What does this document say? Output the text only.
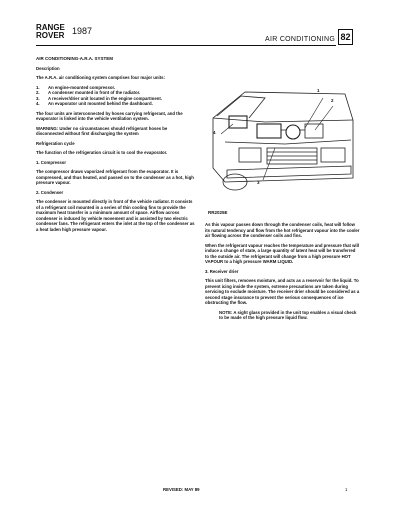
RANGE
ROVER 1987
AIR CONDITIONING 82

AIR CONDITIONING-A.R.A. SYSTEM

Description

The A.R.A. air conditioning system comprises four major units:

1.	An engine-mounted compressor.
2.	A condenser mounted in front of the radiator.
3.	A receiver/drier unit located in the engine compartment.
4.	An evaporator unit mounted behind the dashboard.

The four units are interconnected by hoses carrying refrigerant, and the evaporator is linked into the vehicle ventilation system.

WARNING: Under no circumstances should refrigerant hoses be disconnected without first discharging the system

Refrigeration cycle

The function of the refrigeration circuit is to cool the evaporator.

1. Compressor

The compressor draws vaporized refrigerant from the evaporator. It is compressed, and thus heated, and passed on to the condenser as a hot, high pressure vapour.

2. Condenser

The condenser is mounted directly in front of the vehicle radiator. It consists of a refrigerant coil mounted in a series of thin cooling fins to provide the maximum heat transfer in a minimum amount of space. Airflow across condenser is induced by vehicle movement and is assisted by two electric condenser fans. The refrigerant enters the inlet at the top of the condenser as a heat laden high pressure vapour.

1
2
3
4
RR2025E

As this vapour passes down through the condenser coils, heat will follow its natural tendency and flow from the hot refrigerant vapour into the cooler air flowing across the condenser coils and fins.

When the refrigerant vapour reaches the temperature and pressure that will induce a change of state, a large quantity of latent heat will be transferred to the outside air. The refrigerant will change from a high pressure HOT VAPOUR to a high pressure WARM LIQUID.

3. Receiver drier

This unit filters, removes moisture, and acts as a reservoir for the liquid. To prevent icing inside the system, extreme precautions are taken during servicing to exclude moisture. The receiver drier should be considered as a second stage insurance to prevent the serious consequences of ice obstructing the flow.

NOTE: A sight glass provided in the unit top enables a visual check to be made of the high pressure liquid flow.

REVISED: MAY 89	1
